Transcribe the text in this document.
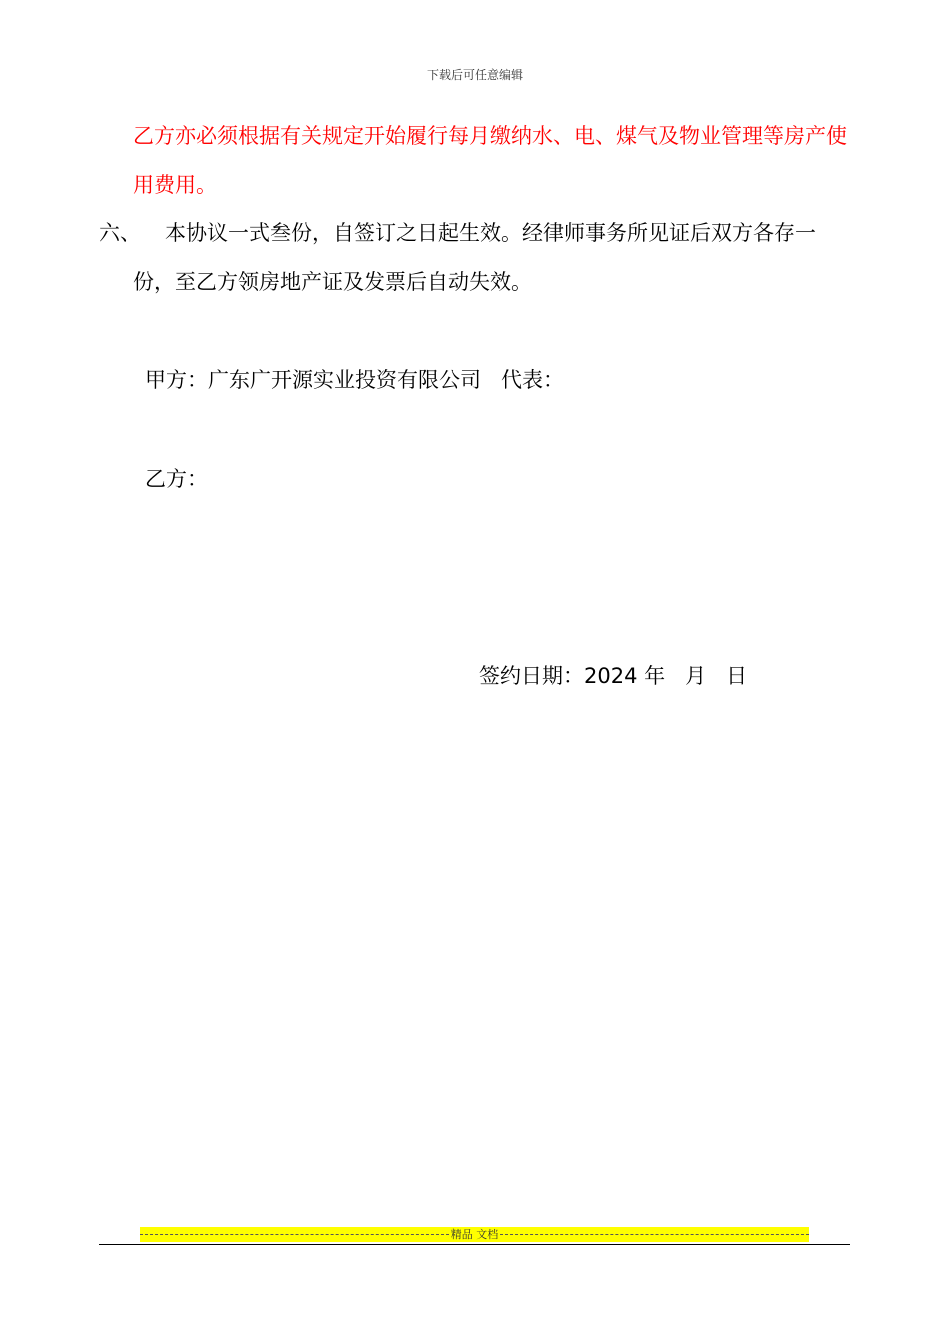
下载后可任意编辑
乙方亦必须根据有关规定开始履行每月缴纳水、电、煤气及物业管理等房产使用费用。
六、	本协议一式叁份，自签订之日起生效。经律师事务所见证后双方各存一份，至乙方领房地产证及发票后自动失效。
甲方：广东广开源实业投资有限公司   代表：
乙方：
签约日期：2024 年   月   日
精品 文档
